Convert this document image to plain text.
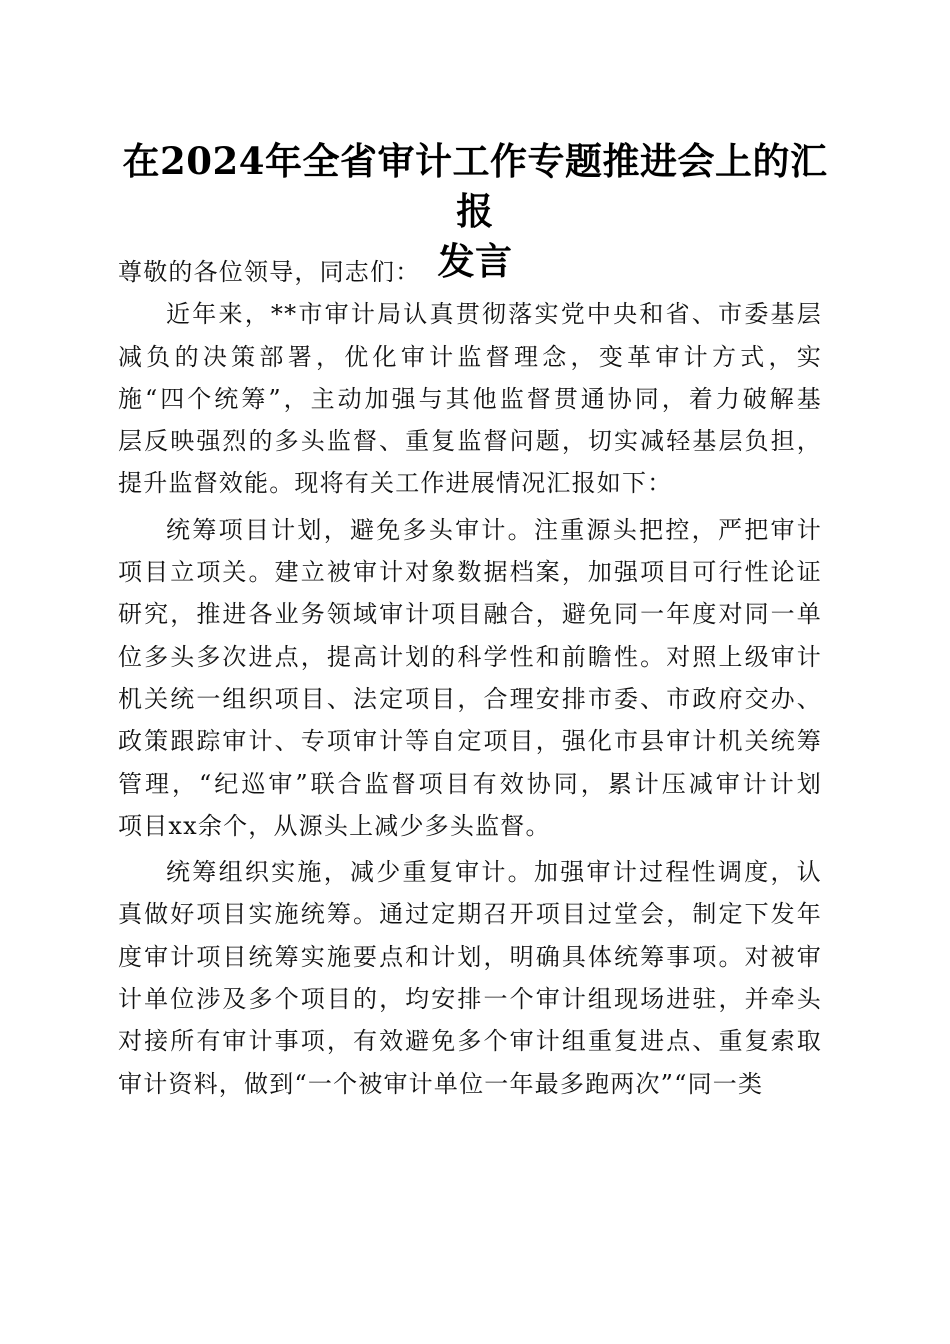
在2024年全省审计工作专题推进会上的汇报
发言

尊敬的各位领导，同志们：

近年来，**市审计局认真贯彻落实党中央和省、市委基层
减负的决策部署，优化审计监督理念，变革审计方式，实
施“四个统筹”，主动加强与其他监督贯通协同，着力破解基
层反映强烈的多头监督、重复监督问题，切实减轻基层负担，
提升监督效能。现将有关工作进展情况汇报如下：

统筹项目计划，避免多头审计。注重源头把控，严把审计
项目立项关。建立被审计对象数据档案，加强项目可行性论证
研究，推进各业务领域审计项目融合，避免同一年度对同一单
位多头多次进点，提高计划的科学性和前瞻性。对照上级审计
机关统一组织项目、法定项目，合理安排市委、市政府交办、
政策跟踪审计、专项审计等自定项目，强化市县审计机关统筹
管理，“纪巡审”联合监督项目有效协同，累计压减审计计划
项目xx余个，从源头上减少多头监督。

统筹组织实施，减少重复审计。加强审计过程性调度，认
真做好项目实施统筹。通过定期召开项目过堂会，制定下发年
度审计项目统筹实施要点和计划，明确具体统筹事项。对被审
计单位涉及多个项目的，均安排一个审计组现场进驻，并牵头
对接所有审计事项，有效避免多个审计组重复进点、重复索取
审计资料，做到“一个被审计单位一年最多跑两次”“同一类
